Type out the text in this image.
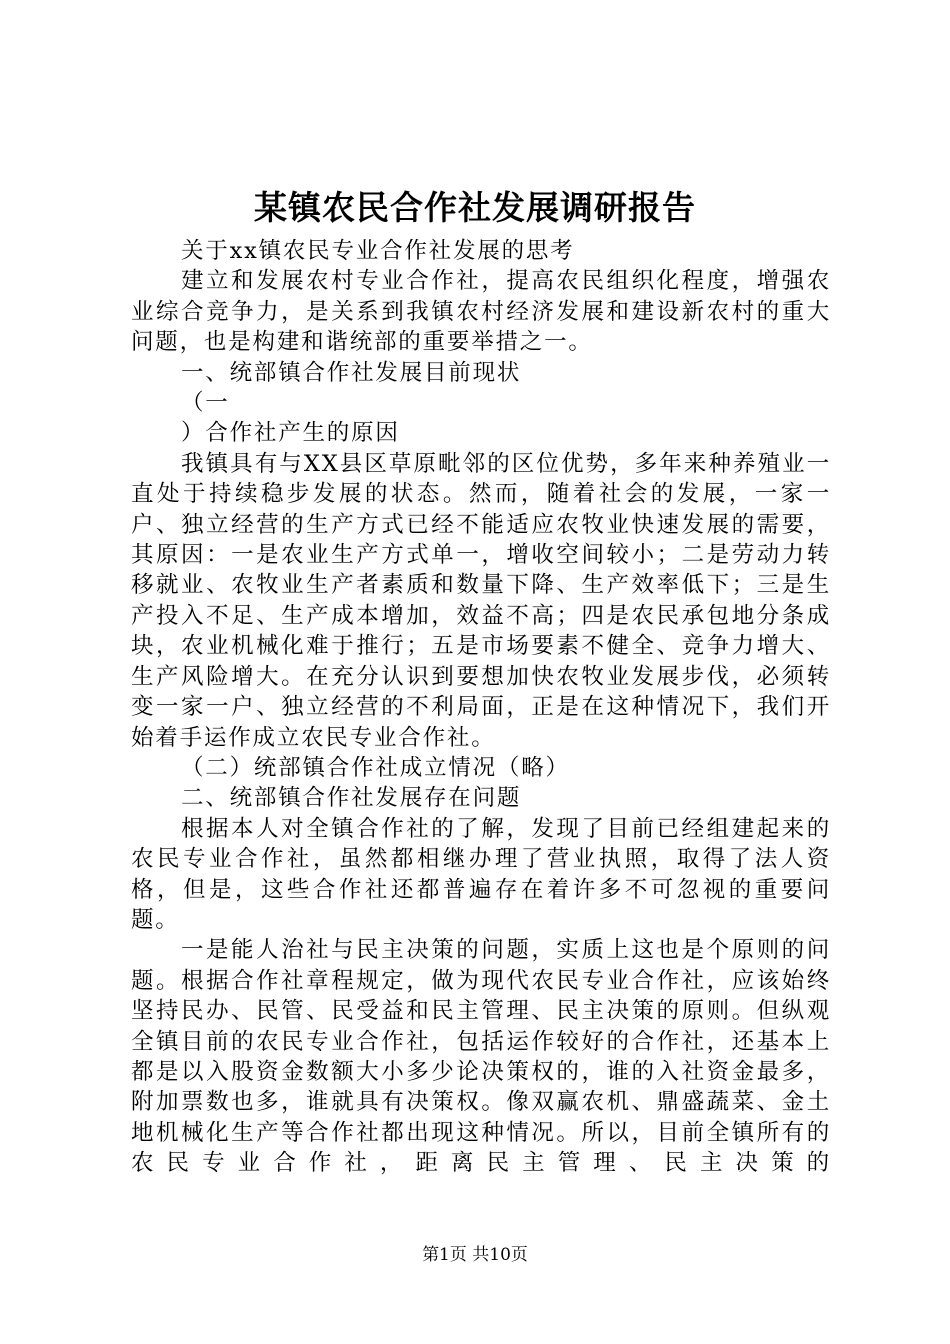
某镇农民合作社发展调研报告

关于xx镇农民专业合作社发展的思考

建立和发展农村专业合作社，提高农民组织化程度，增强农业综合竞争力，是关系到我镇农村经济发展和建设新农村的重大问题，也是构建和谐统部的重要举措之一。

一、统部镇合作社发展目前现状

（一

）合作社产生的原因

我镇具有与XX县区草原毗邻的区位优势，多年来种养殖业一直处于持续稳步发展的状态。然而，随着社会的发展，一家一户、独立经营的生产方式已经不能适应农牧业快速发展的需要，其原因：一是农业生产方式单一，增收空间较小；二是劳动力转移就业、农牧业生产者素质和数量下降、生产效率低下；三是生产投入不足、生产成本增加，效益不高；四是农民承包地分条成块，农业机械化难于推行；五是市场要素不健全、竞争力增大、生产风险增大。在充分认识到要想加快农牧业发展步伐，必须转变一家一户、独立经营的不利局面，正是在这种情况下，我们开始着手运作成立农民专业合作社。

（二）统部镇合作社成立情况（略）

二、统部镇合作社发展存在问题

根据本人对全镇合作社的了解，发现了目前已经组建起来的农民专业合作社，虽然都相继办理了营业执照，取得了法人资格，但是，这些合作社还都普遍存在着许多不可忽视的重要问题。

一是能人治社与民主决策的问题，实质上这也是个原则的问题。根据合作社章程规定，做为现代农民专业合作社，应该始终坚持民办、民管、民受益和民主管理、民主决策的原则。但纵观全镇目前的农民专业合作社，包括运作较好的合作社，还基本上都是以入股资金数额大小多少论决策权的，谁的入社资金最多，附加票数也多，谁就具有决策权。像双赢农机、鼎盛蔬菜、金土地机械化生产等合作社都出现这种情况。所以，目前全镇所有的农民专业合作社，距离民主管理、民主决策的

第1页 共10页
